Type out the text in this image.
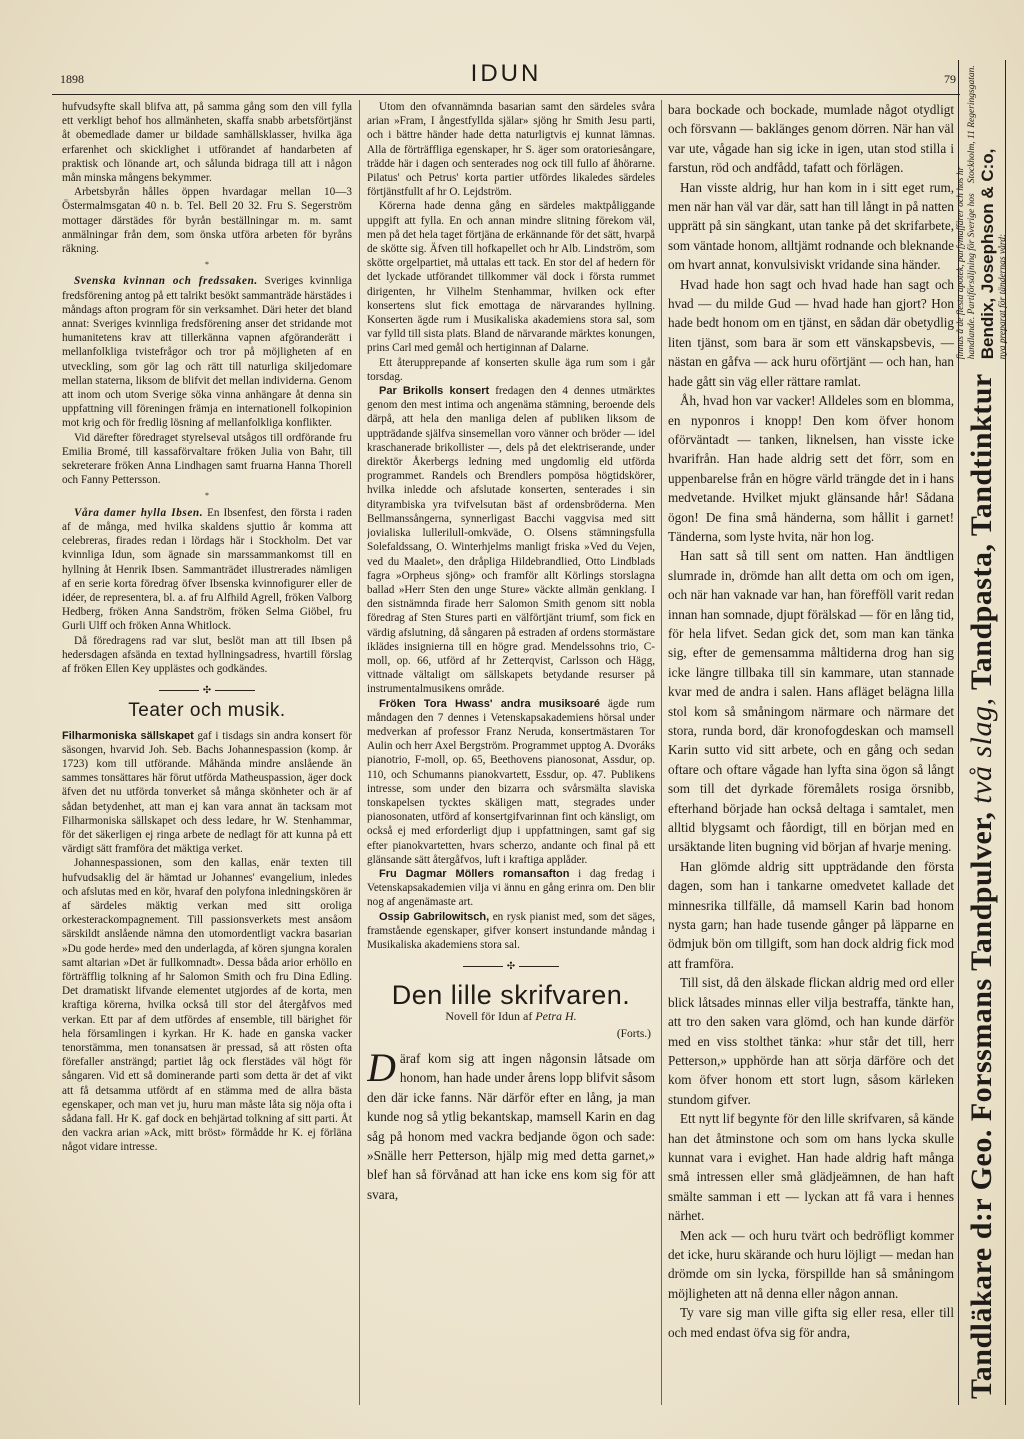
1898	IDUN	79

hufvudsyfte skall blifva att, på samma gång som den vill fylla ett verkligt behof hos allmänheten, skaffa snabb arbetsförtjänst åt obemedlade damer ur bildade samhällsklasser, hvilka äga erfarenhet och skicklighet i utförandet af handarbeten af praktisk och lönande art, och sålunda bidraga till att i någon mån minska mångens bekymmer.

Arbetsbyrån hålles öppen hvardagar mellan 10—3 Östermalmsgatan 40 n. b. Tel. Bell 20 32. Fru S. Segerström mottager därstädes för byrån beställningar m. m. samt anmälningar från dem, som önska utföra arbeten för byråns räkning.

*

Svenska kvinnan och fredssaken. Sveriges kvinnliga fredsförening antog på ett talrikt besökt sammanträde härstädes i måndags afton program för sin verksamhet. Däri heter det bland annat: Sveriges kvinnliga fredsförening anser det stridande mot humanitetens krav att tillerkänna vapnen afgöranderätt i mellanfolkliga tvistefrågor och tror på möjligheten af en utveckling, som gör lag och rätt till naturliga skiljedomare mellan staterna, liksom de blifvit det mellan individerna. Genom att inom och utom Sverige söka vinna anhängare åt denna sin uppfattning vill föreningen främja en internationell folkopinion mot krig och för fredlig lösning af mellanfolkliga konflikter.

Vid därefter föredraget styrelseval utsågos till ordförande fru Emilia Bromé, till kassaförvaltare fröken Julia von Bahr, till sekreterare fröken Anna Lindhagen samt fruarna Hanna Thorell och Fanny Pettersson.

*

Våra damer hylla Ibsen. En Ibsenfest, den första i raden af de många, med hvilka skaldens sjuttio år komma att celebreras, firades redan i lördags här i Stockholm. Det var kvinnliga Idun, som ägnade sin marssammankomst till en hyllning åt Henrik Ibsen. Sammanträdet illustrerades nämligen af en serie korta föredrag öfver Ibsenska kvinnofigurer eller de idéer, de representera, bl. a. af fru Alfhild Agrell, fröken Valborg Hedberg, fröken Anna Sandström, fröken Selma Giöbel, fru Gurli Ulff och fröken Anna Whitlock.

Då föredragens rad var slut, beslöt man att till Ibsen på hedersdagen afsända en textad hyllningsadress, hvartill förslag af fröken Ellen Key upplästes och godkändes.

✣
Teater och musik.

Filharmoniska sällskapet gaf i tisdags sin andra konsert för säsongen, hvarvid Joh. Seb. Bachs Johannespassion (komp. år 1723) kom till utförande. Måhända mindre anslående än sammes tonsättares här förut utförda Matheuspassion, äger dock äfven det nu utförda tonverket så många skönheter och är af sådan betydenhet, att man ej kan vara annat än tacksam mot Filharmoniska sällskapet och dess ledare, hr W. Stenhammar, för det säkerligen ej ringa arbete de nedlagt för att kunna på ett värdigt sätt framföra det mäktiga verket.

Johannespassionen, som den kallas, enär texten till hufvudsaklig del är hämtad ur Johannes' evangelium, inledes och afslutas med en kör, hvaraf den polyfona inledningskören är af särdeles mäktig verkan med sitt oroliga orkesterackompagnement. Till passionsverkets mest ansåom särskildt anslående nämna den utomordentligt vackra basarian »Du gode herde» med den underlagda, af kören sjungna koralen samt altarian »Det är fullkomnadt». Dessa båda arior erhöllo en förträfflig tolkning af hr Salomon Smith och fru Dina Edling. Det dramatiskt lifvande elementet utgjordes af de korta, men kraftiga körerna, hvilka också till stor del återgåfvos med verkan. Ett par af dem utfördes af ensemble, till bärighet för hela församlingen i kyrkan. Hr K. hade en ganska vacker tenorstämma, men tonansatsen är pressad, så att rösten ofta förefaller ansträngd; partiet låg ock flerstädes väl högt för sångaren. Vid ett så dominerande parti som detta är det af vikt att få detsamma utfördt af en stämma med de allra bästa egenskaper, och man vet ju, huru man måste låta sig nöja ofta i sådana fall. Hr K. gaf dock en behjärtad tolkning af sitt parti. Åt den vackra arian »Ack, mitt bröst» förmådde hr K. ej förläna något vidare intresse.

Utom den ofvannämnda basarian samt den särdeles svåra arian »Fram, I ångestfyllda själar» sjöng hr Smith Jesu parti, och i bättre händer hade detta naturligtvis ej kunnat lämnas. Alla de förträffliga egenskaper, hr S. äger som oratoriesångare, trädde här i dagen och senterades nog ock till fullo af åhörarne. Pilatus' och Petrus' korta partier utfördes likaledes särdeles förtjänstfullt af hr O. Lejdström.

Körerna hade denna gång en särdeles maktpåliggande uppgift att fylla. En och annan mindre slitning förekom väl, men på det hela taget förtjäna de erkännande för det sätt, hvarpå de skötte sig. Äfven till hofkapellet och hr Alb. Lindström, som skötte orgelpartiet, må uttalas ett tack. En stor del af hedern för det lyckade utförandet tillkommer väl dock i första rummet dirigenten, hr Vilhelm Stenhammar, hvilken ock efter konsertens slut fick emottaga de närvarandes hyllning. Konserten ägde rum i Musikaliska akademiens stora sal, som var fylld till sista plats. Bland de närvarande märktes konungen, prins Carl med gemål och hertiginnan af Dalarne.

Ett återupprepande af konserten skulle äga rum som i går torsdag.

Par Brikolls konsert fredagen den 4 dennes utmärktes genom den mest intima och angenäma stämning, beroende dels därpå, att hela den manliga delen af publiken liksom de uppträdande själfva sinsemellan voro vänner och bröder — idel kraschanerade brikollister —, dels på det elektriserande, under direktör Åkerbergs ledning med ungdomlig eld utförda programmet. Randels och Brendlers pompösa högtidskörer, hvilka inledde och afslutade konserten, senterades i sin dityrambiska yra tvifvelsutan bäst af ordensbröderna. Men Bellmanssångerna, synnerligast Bacchi vaggvisa med sitt jovialiska lullerilull-omkväde, O. Olsens stämningsfulla Solefaldssang, O. Winterhjelms manligt friska »Ved du Vejen, ved du Maalet», den dråpliga Hildebrandlied, Otto Lindblads fagra »Orpheus sjöng» och framför allt Körlings storslagna ballad »Herr Sten den unge Sture» väckte allmän genklang. I den sistnämnda firade herr Salomon Smith genom sitt nobla föredrag af Sten Stures parti en välförtjänt triumf, som fick en värdig afslutning, då sångaren på estraden af ordens stormästare iklädes insignierna till en högre grad. Mendelssohns trio, C-moll, op. 66, utförd af hr Zetterqvist, Carlsson och Hägg, vittnade vältaligt om sällskapets betydande resurser på instrumentalmusikens område.

Fröken Tora Hwass' andra musiksoaré ägde rum måndagen den 7 dennes i Vetenskapsakademiens hörsal under medverkan af professor Franz Neruda, konsertmästaren Tor Aulin och herr Axel Bergström. Programmet upptog A. Dvoráks pianotrio, F-moll, op. 65, Beethovens pianosonat, Assdur, op. 110, och Schumanns pianokvartett, Essdur, op. 47. Publikens intresse, som under den bizarra och svårsmälta slaviska tonskapelsen tycktes skäligen matt, stegrades under pianosonaten, utförd af konsertgifvarinnan fint och känsligt, om också ej med erforderligt djup i uppfattningen, samt gaf sig efter pianokvartetten, hvars scherzo, andante och final på ett glänsande sätt återgåfvos, luft i kraftiga applåder.

Fru Dagmar Möllers romansafton i dag fredag i Vetenskapsakademien vilja vi ännu en gång erinra om. Den blir nog af angenämaste art.

Ossip Gabrilowitsch, en rysk pianist med, som det säges, framstående egenskaper, gifver konsert instundande måndag i Musikaliska akademiens stora sal.

✣
Den lille skrifvaren.
Novell för Idun af Petra H.
(Forts.)
Däraf kom sig att ingen någonsin låtsade om honom, han hade under årens lopp blifvit såsom den där icke fanns. När därför efter en lång, ja man kunde nog så ytlig bekantskap, mamsell Karin en dag såg på honom med vackra bedjande ögon och sade: »Snälle herr Petterson, hjälp mig med detta garnet,» blef han så förvånad att han icke ens kom sig för att svara,

bara bockade och bockade, mumlade något otydligt och försvann — baklänges genom dörren. När han väl var ute, vågade han sig icke in igen, utan stod stilla i farstun, röd och andfådd, tafatt och förlägen.

Han visste aldrig, hur han kom in i sitt eget rum, men när han väl var där, satt han till långt in på natten upprätt på sin sängkant, utan tanke på det skrifarbete, som väntade honom, alltjämt rodnande och bleknande om hvart annat, konvulsiviskt vridande sina händer.

Hvad hade hon sagt och hvad hade han sagt och hvad — du milde Gud — hvad hade han gjort? Hon hade bedt honom om en tjänst, en sådan där obetydlig liten tjänst, som bara är som ett vänskapsbevis, — nästan en gåfva — ack huru oförtjänt — och han, han hade gått sin väg eller rättare ramlat.

Åh, hvad hon var vacker! Alldeles som en blomma, en nyponros i knopp! Den kom öfver honom oförväntadt — tanken, liknelsen, han visste icke hvarifrån. Han hade aldrig sett det förr, som en uppenbarelse från en högre värld trängde det in i hans medvetande. Hvilket mjukt glänsande hår! Sådana ögon! De fina små händerna, som hållit i garnet! Tänderna, som lyste hvita, när hon log.

Han satt så till sent om natten. Han ändtligen slumrade in, drömde han allt detta om och om igen, och när han vaknade var han, han förefföll varit redan innan han somnade, djupt förälskad — för en lång tid, för hela lifvet. Sedan gick det, som man kan tänka sig, efter de gemensamma måltiderna drog han sig icke längre tillbaka till sin kammare, utan stannade kvar med de andra i salen. Hans afläget belägna lilla stol kom så småningom närmare och närmare det stora, runda bord, där kronofogdeskan och mamsell Karin sutto vid sitt arbete, och en gång och sedan oftare och oftare vågade han lyfta sina ögon så långt som till det dyrkade föremålets rosiga örsnibb, efterhand började han också deltaga i samtalet, men alltid blygsamt och fåordigt, till en början med en ursäktande liten bugning vid början af hvarje mening.

Han glömde aldrig sitt uppträdande den första dagen, som han i tankarne omedvetet kallade det minnesrika tillfälle, då mamsell Karin bad honom nysta garn; han hade tusende gånger på läpparne en ödmjuk bön om tillgift, som han dock aldrig fick mod att framföra.

Till sist, då den älskade flickan aldrig med ord eller blick låtsades minnas eller vilja bestraffa, tänkte han, att tro den saken vara glömd, och han kunde därför med en viss stolthet tänka: »hur står det till, herr Petterson,» upphörde han att sörja därföre och det kom öfver honom ett stort lugn, såsom kärleken stundom gifver.

Ett nytt lif begynte för den lille skrifvaren, så kände han det åtminstone och som om hans lycka skulle kunnat vara i evighet. Han hade aldrig haft många små intressen eller små glädjeämnen, de han haft smälte samman i ett — lyckan att få vara i hennes närhet.

Men ack — och huru tvärt och bedröfligt kommer det icke, huru skärande och huru löjligt — medan han drömde om sin lycka, förspillde han så småningom möjligheten att nå denna eller någon annan.

Ty vare sig man ville gifta sig eller resa, eller till och med endast öfva sig för andra,	Tandläkare d:r Geo. Forssmans Tandpulver, två slag, Tandpasta, Tandtinktur
finnas å de flesta apotek, parfymaffärer och hos hr handlande. Partiförsäljning för Sverige hos
Stockholm, 11 Regeringsgatan.
Bendix, Josephson & C:o, nya preparat för tändernas vård:
